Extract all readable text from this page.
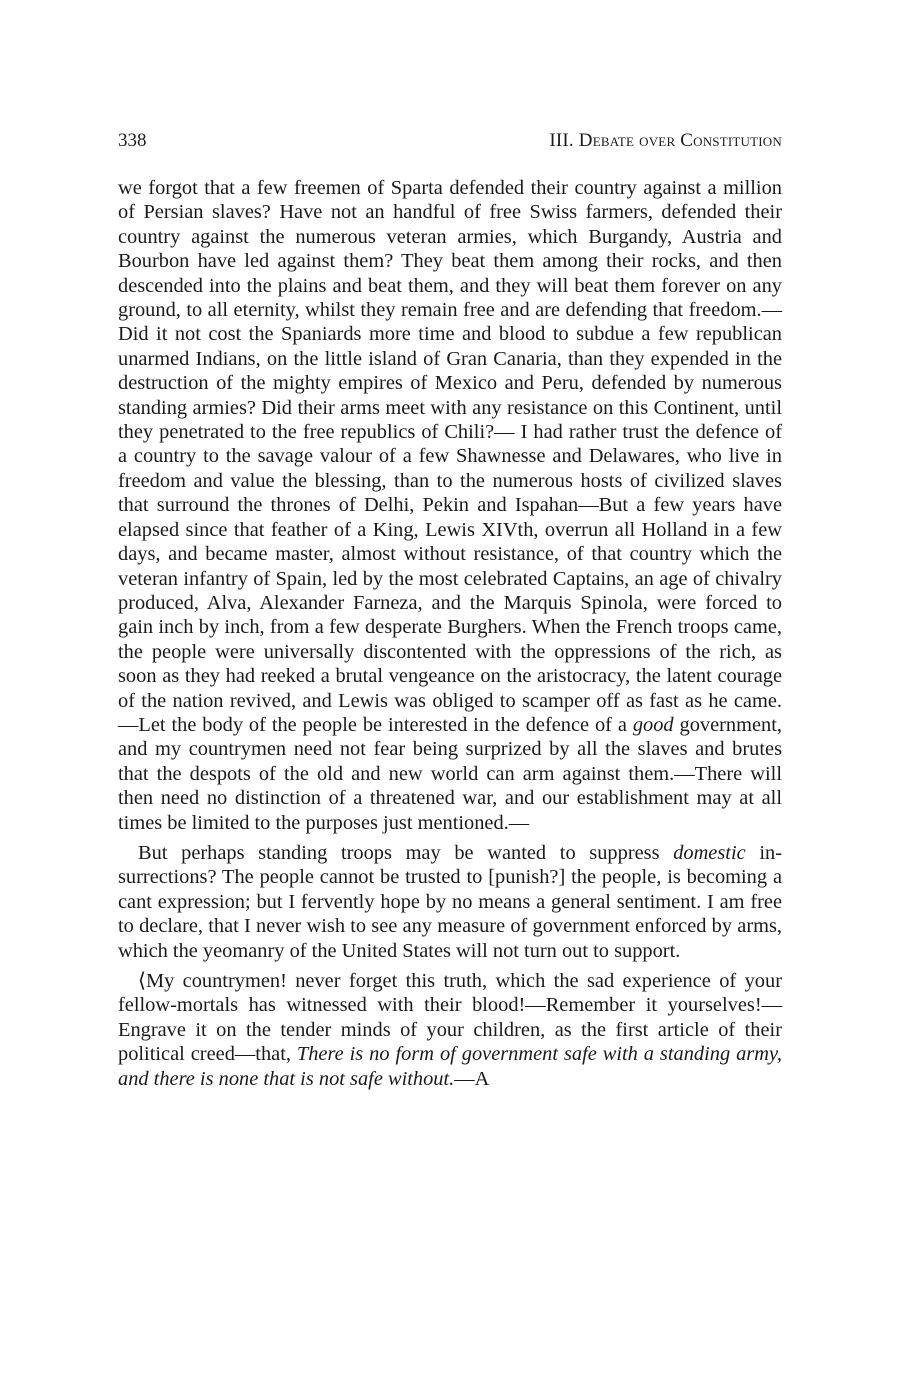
338	III. Debate over Constitution

we forgot that a few freemen of Sparta defended their country against a million of Persian slaves? Have not an handful of free Swiss farmers, defended their country against the numerous veteran armies, which Burgandy, Austria and Bourbon have led against them? They beat them among their rocks, and then descended into the plains and beat them, and they will beat them forever on any ground, to all eternity, whilst they remain free and are defending that freedom.—Did it not cost the Spaniards more time and blood to subdue a few republican unarmed Indians, on the little island of Gran Canaria, than they expended in the destruction of the mighty empires of Mexico and Peru, defended by numerous standing armies? Did their arms meet with any resistance on this Continent, until they penetrated to the free republics of Chili?— I had rather trust the defence of a country to the savage valour of a few Shawnesse and Delawares, who live in freedom and value the blessing, than to the numerous hosts of civilized slaves that surround the thrones of Delhi, Pekin and Ispahan—But a few years have elapsed since that feather of a King, Lewis XIVth, overrun all Holland in a few days, and became master, almost without resistance, of that country which the veteran infantry of Spain, led by the most celebrated Captains, an age of chivalry produced, Alva, Alexander Farneza, and the Marquis Spinola, were forced to gain inch by inch, from a few desperate Burghers. When the French troops came, the people were universally discontented with the oppressions of the rich, as soon as they had reeked a brutal vengeance on the aristocracy, the latent courage of the nation revived, and Lewis was obliged to scamper off as fast as he came.—Let the body of the people be interested in the defence of a good government, and my countrymen need not fear being surprized by all the slaves and brutes that the despots of the old and new world can arm against them.—There will then need no distinction of a threatened war, and our establishment may at all times be limited to the purposes just mentioned.—

But perhaps standing troops may be wanted to suppress domestic insurrections? The people cannot be trusted to [punish?] the people, is becoming a cant expression; but I fervently hope by no means a general sentiment. I am free to declare, that I never wish to see any measure of government enforced by arms, which the yeomanry of the United States will not turn out to support.

⟨My countrymen! never forget this truth, which the sad experience of your fellow-mortals has witnessed with their blood!—Remember it yourselves!—Engrave it on the tender minds of your children, as the first article of their political creed—that, There is no form of government safe with a standing army, and there is none that is not safe without.—A
